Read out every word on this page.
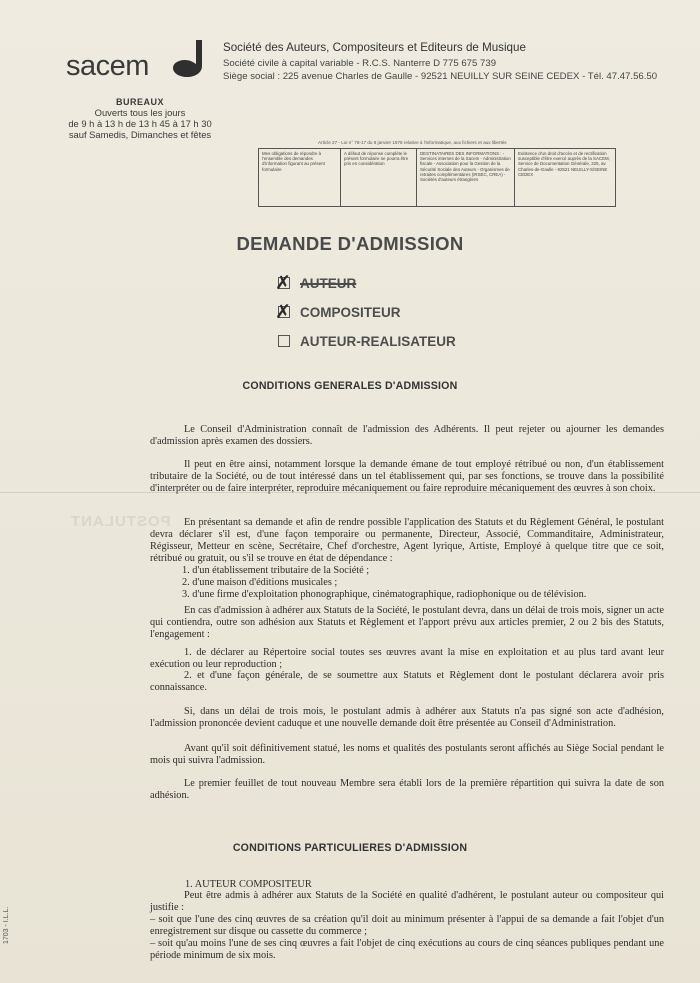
POSTULANT
sacem
Société des Auteurs, Compositeurs et Editeurs de Musique
Société civile à capital variable - R.C.S. Nanterre D 775 675 739
Siège social : 225 avenue Charles de Gaulle - 92521 NEUILLY SUR SEINE CEDEX - Tél. 47.47.56.50
BUREAUX
Ouverts tous les jours
de 9 h à 13 h de 13 h 45 à 17 h 30
sauf Samedis, Dimanches et fêtes
Article 27 - Loi n° 78-17 du 6 janvier 1978 relative à l'informatique, aux fichiers et aux libertés
Mes obligations de répondre à l'ensemble des demandes d'information figurant au présent formulaire
A défaut de réponse complète le présent formulaire ne pourra être pris en considération
DESTINATAIRES DES INFORMATIONS : - Services internes de la Sacem - Administration fiscale - Association pour la Gestion de la Sécurité Sociale des Auteurs - Organismes de retraites complémentaires (IRSEC, CREA) - Sociétés d'auteurs étrangères
Existence d'un droit d'accès et de rectification susceptible d'être exercé auprès de la SACEM, Service de Documentation Générale, 225, av. Charles-de-Gaulle - 92521 NEUILLY-S/SEINE CEDEX
DEMANDE D'ADMISSION
✗ AUTEUR
✗ COMPOSITEUR
AUTEUR-REALISATEUR
CONDITIONS GENERALES D'ADMISSION
Le Conseil d'Administration connaît de l'admission des Adhérents. Il peut rejeter ou ajourner les demandes d'admission après examen des dossiers.
Il peut en être ainsi, notamment lorsque la demande émane de tout employé rétribué ou non, d'un établissement tributaire de la Société, ou de tout intéressé dans un tel établissement qui, par ses fonctions, se trouve dans la possibilité d'interpréter ou de faire interpréter, reproduire mécaniquement ou faire reproduire mécaniquement des œuvres à son choix.
En présentant sa demande et afin de rendre possible l'application des Statuts et du Règlement Général, le postulant devra déclarer s'il est, d'une façon temporaire ou permanente, Directeur, Associé, Commanditaire, Administrateur, Régisseur, Metteur en scène, Secrétaire, Chef d'orchestre, Agent lyrique, Artiste, Employé à quelque titre que ce soit, rétribué ou gratuit, ou s'il se trouve en état de dépendance :
1. d'un établissement tributaire de la Société ;
2. d'une maison d'éditions musicales ;
3. d'une firme d'exploitation phonographique, cinématographique, radiophonique ou de télévision.
En cas d'admission à adhérer aux Statuts de la Société, le postulant devra, dans un délai de trois mois, signer un acte qui contiendra, outre son adhésion aux Statuts et Règlement et l'apport prévu aux articles premier, 2 ou 2 bis des Statuts, l'engagement :
1. de déclarer au Répertoire social toutes ses œuvres avant la mise en exploitation et au plus tard avant leur exécution ou leur reproduction ;
2. et d'une façon générale, de se soumettre aux Statuts et Règlement dont le postulant déclarera avoir pris connaissance.
Si, dans un délai de trois mois, le postulant admis à adhérer aux Statuts n'a pas signé son acte d'adhésion, l'admission prononcée devient caduque et une nouvelle demande doit être présentée au Conseil d'Administration.
Avant qu'il soit définitivement statué, les noms et qualités des postulants seront affichés au Siège Social pendant le mois qui suivra l'admission.
Le premier feuillet de tout nouveau Membre sera établi lors de la première répartition qui suivra la date de son adhésion.
CONDITIONS PARTICULIERES D'ADMISSION
1. AUTEUR COMPOSITEUR
Peut être admis à adhérer aux Statuts de la Société en qualité d'adhérent, le postulant auteur ou compositeur qui justifie :
– soit que l'une des cinq œuvres de sa création qu'il doit au minimum présenter à l'appui de sa demande a fait l'objet d'un enregistrement sur disque ou cassette du commerce ;
– soit qu'au moins l'une de ses cinq œuvres a fait l'objet de cinq exécutions au cours de cinq séances publiques pendant une période minimum de six mois.
1703 - I.L.L.
